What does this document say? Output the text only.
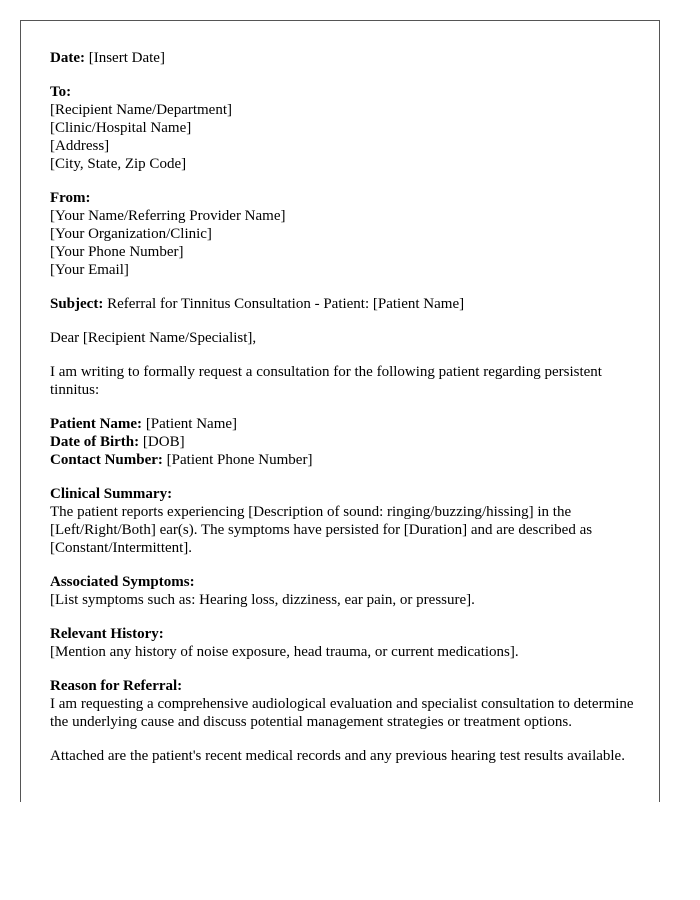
Date: [Insert Date]
To:
[Recipient Name/Department]
[Clinic/Hospital Name]
[Address]
[City, State, Zip Code]
From:
[Your Name/Referring Provider Name]
[Your Organization/Clinic]
[Your Phone Number]
[Your Email]
Subject: Referral for Tinnitus Consultation - Patient: [Patient Name]
Dear [Recipient Name/Specialist],
I am writing to formally request a consultation for the following patient regarding persistent tinnitus:
Patient Name: [Patient Name]
Date of Birth: [DOB]
Contact Number: [Patient Phone Number]
Clinical Summary:
The patient reports experiencing [Description of sound: ringing/buzzing/hissing] in the [Left/Right/Both] ear(s). The symptoms have persisted for [Duration] and are described as [Constant/Intermittent].
Associated Symptoms:
[List symptoms such as: Hearing loss, dizziness, ear pain, or pressure].
Relevant History:
[Mention any history of noise exposure, head trauma, or current medications].
Reason for Referral:
I am requesting a comprehensive audiological evaluation and specialist consultation to determine the underlying cause and discuss potential management strategies or treatment options.
Attached are the patient's recent medical records and any previous hearing test results available.
